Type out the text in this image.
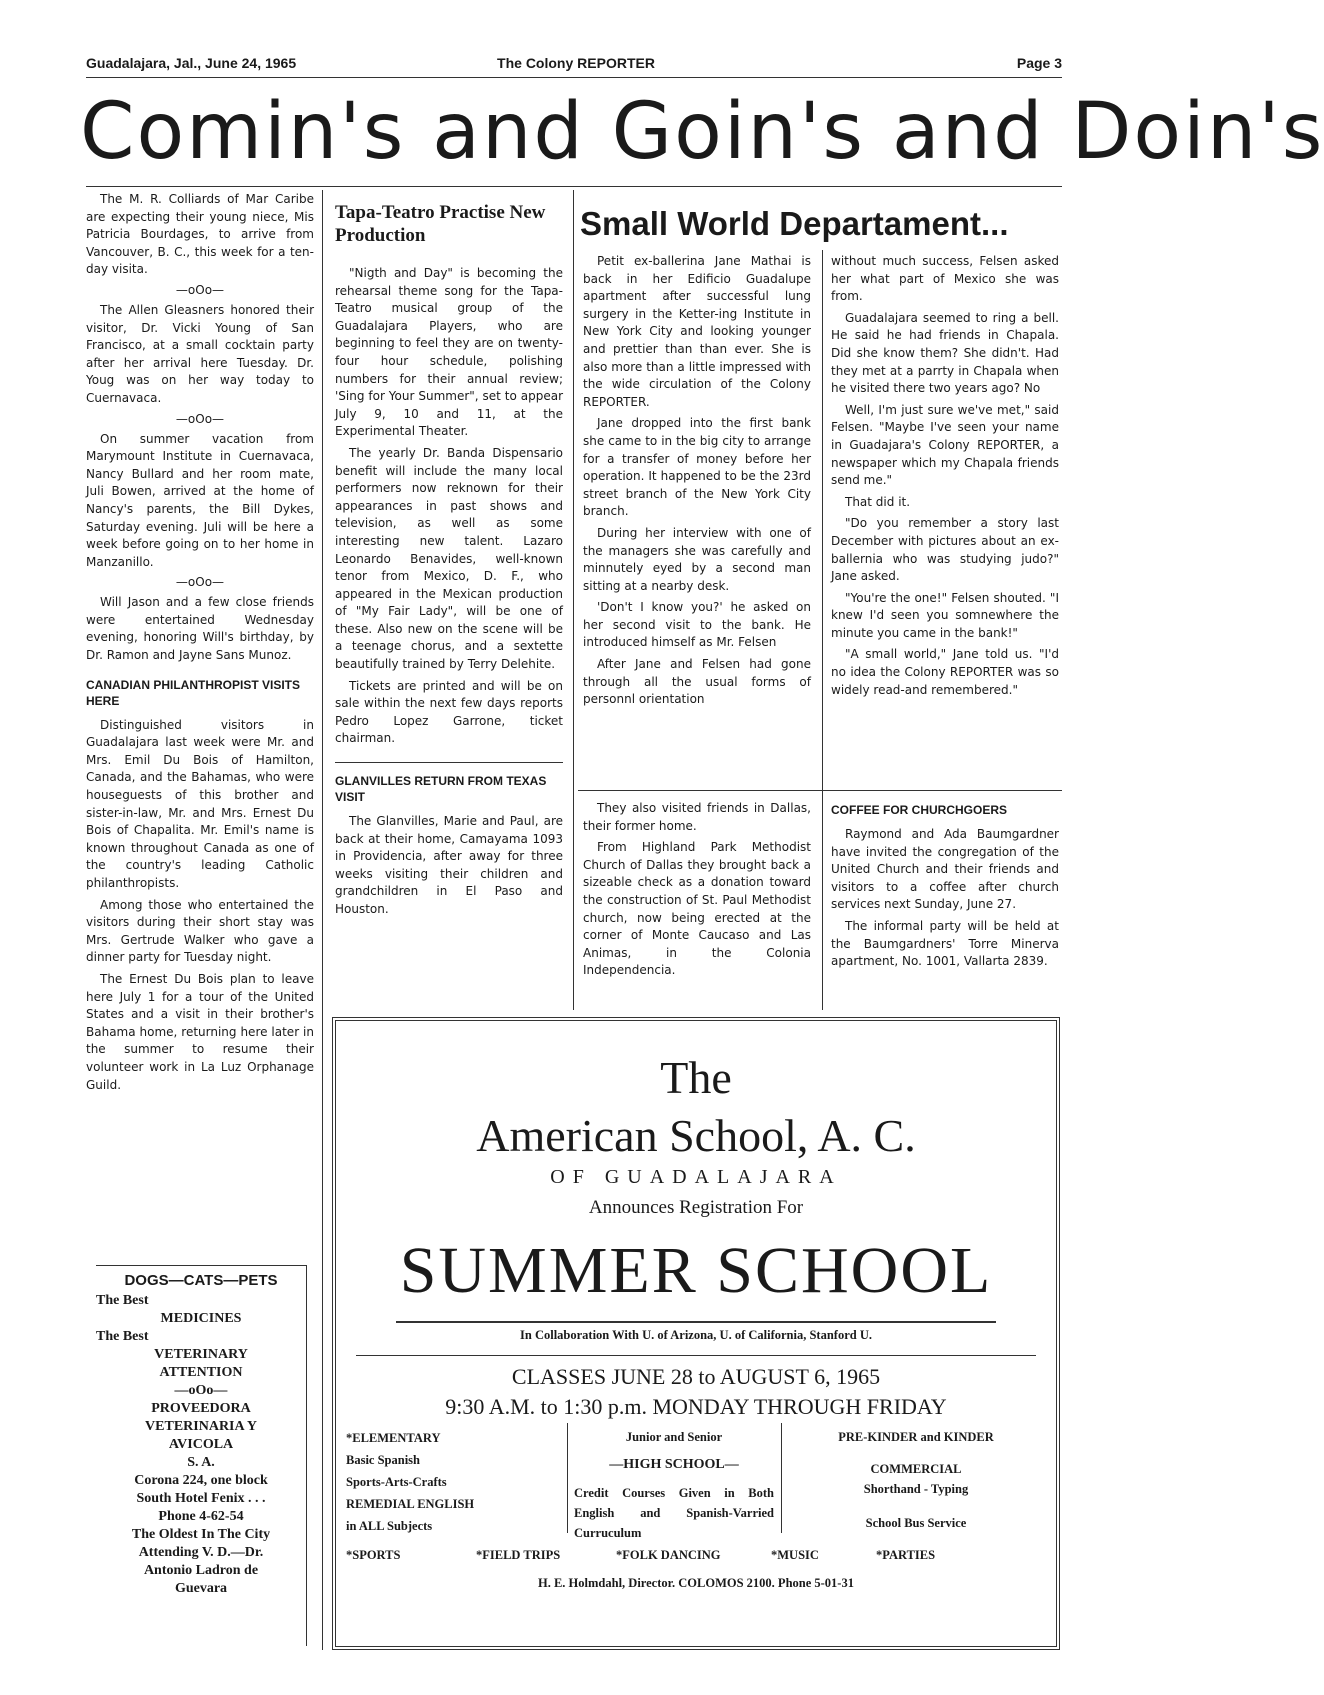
Guadalajara, Jal., June 24, 1965	The Colony REPORTER	Page 3
Comin's and Goin's and Doin's

The M. R. Colliards of Mar Caribe are expecting their young niece, Mis Patricia Bourdages, to arrive from Vancouver, B. C., this week for a ten-day visita.

—oOo—

The Allen Gleasners honored their visitor, Dr. Vicki Young of San Francisco, at a small cocktain party after her arrival here Tuesday. Dr. Youg was on her way today to Cuernavaca.

—oOo—

On summer vacation from Marymount Institute in Cuernavaca, Nancy Bullard and her room mate, Juli Bowen, arrived at the home of Nancy's parents, the Bill Dykes, Saturday evening. Juli will be here a week before going on to her home in Manzanillo.

—oOo—

Will Jason and a few close friends were entertained Wednesday evening, honoring Will's birthday, by Dr. Ramon and Jayne Sans Munoz.

CANADIAN PHILANTHROPIST VISITS HERE

Distinguished visitors in Guadalajara last week were Mr. and Mrs. Emil Du Bois of Hamilton, Canada, and the Bahamas, who were houseguests of this brother and sister-in-law, Mr. and Mrs. Ernest Du Bois of Chapalita. Mr. Emil's name is known throughout Canada as one of the country's leading Catholic philanthropists.

Among those who entertained the visitors during their short stay was Mrs. Gertrude Walker who gave a dinner party for Tuesday night.

The Ernest Du Bois plan to leave here July 1 for a tour of the United States and a visit in their brother's Bahama home, returning here later in the summer to resume their volunteer work in La Luz Orphanage Guild.

DOGS—CATS—PETS
The Best
MEDICINES
The Best
VETERINARY
ATTENTION
—oOo—
PROVEEDORA
VETERINARIA Y
AVICOLA
S. A.
Corona 224, one block
South Hotel Fenix . . .
Phone 4-62-54
The Oldest In The City
Attending V. D.—Dr.
Antonio Ladron de
Guevara
Tapa-Teatro Practise New Production

"Nigth and Day" is becoming the rehearsal theme song for the Tapa-Teatro musical group of the Guadalajara Players, who are beginning to feel they are on twenty-four hour schedule, polishing numbers for their annual review; 'Sing for Your Summer", set to appear July 9, 10 and 11, at the Experimental Theater.

The yearly Dr. Banda Dispensario benefit will include the many local performers now reknown for their appearances in past shows and television, as well as some interesting new talent. Lazaro Leonardo Benavides, well-known tenor from Mexico, D. F., who appeared in the Mexican production of "My Fair Lady", will be one of these. Also new on the scene will be a teenage chorus, and a sextette beautifully trained by Terry Delehite.

Tickets are printed and will be on sale within the next few days reports Pedro Lopez Garrone, ticket chairman.

GLANVILLES RETURN FROM TEXAS VISIT

The Glanvilles, Marie and Paul, are back at their home, Camayama 1093 in Providencia, after away for three weeks visiting their children and grandchildren in El Paso and Houston.

Small World Departament...

Petit ex-ballerina Jane Mathai is back in her Edificio Guadalupe apartment after successful lung surgery in the Ketter-ing Institute in New York City and looking younger and prettier than than ever. She is also more than a little impressed with the wide circulation of the Colony REPORTER.

Jane dropped into the first bank she came to in the big city to arrange for a transfer of money before her operation. It happened to be the 23rd street branch of the New York City branch.

During her interview with one of the managers she was carefully and minnutely eyed by a second man sitting at a nearby desk.

'Don't I know you?' he asked on her second visit to the bank. He introduced himself as Mr. Felsen

After Jane and Felsen had gone through all the usual forms of personnl orientation

without much success, Felsen asked her what part of Mexico she was from.

Guadalajara seemed to ring a bell. He said he had friends in Chapala. Did she know them? She didn't. Had they met at a parrty in Chapala when he visited there two years ago? No

Well, I'm just sure we've met," said Felsen. "Maybe I've seen your name in Guadajara's Colony REPORTER, a newspaper which my Chapala friends send me."

That did it.

"Do you remember a story last December with pictures about an ex-ballernia who was studying judo?" Jane asked.

"You're the one!" Felsen shouted. "I knew I'd seen you somnewhere the minute you came in the bank!"

"A small world," Jane told us. "I'd no idea the Colony REPORTER was so widely read-and remembered."

They also visited friends in Dallas, their former home.

From Highland Park Methodist Church of Dallas they brought back a sizeable check as a donation toward the construction of St. Paul Methodist church, now being erected at the corner of Monte Caucaso and Las Animas, in the Colonia Independencia.

COFFEE FOR CHURCHGOERS

Raymond and Ada Baumgardner have invited the congregation of the United Church and their friends and visitors to a coffee after church services next Sunday, June 27.

The informal party will be held at the Baumgardners' Torre Minerva apartment, No. 1001, Vallarta 2839.

The
American School, A. C.
OF GUADALAJARA
Announces Registration For
SUMMER SCHOOL
In Collaboration With U. of Arizona, U. of California, Stanford U.
CLASSES JUNE 28 to AUGUST 6, 1965
9:30 A.M. to 1:30 p.m. MONDAY THROUGH FRIDAY
*ELEMENTARY
Basic Spanish
Sports-Arts-Crafts
REMEDIAL ENGLISH
in ALL Subjects
Junior and Senior
—HIGH SCHOOL—
Credit Courses Given in Both English and Spanish-Varried Curruculum
PRE-KINDER and KINDER
COMMERCIAL
Shorthand - Typing
School Bus Service
*SPORTS	*FIELD TRIPS	*FOLK DANCING	*MUSIC	*PARTIES
H. E. Holmdahl, Director. COLOMOS 2100. Phone 5-01-31
